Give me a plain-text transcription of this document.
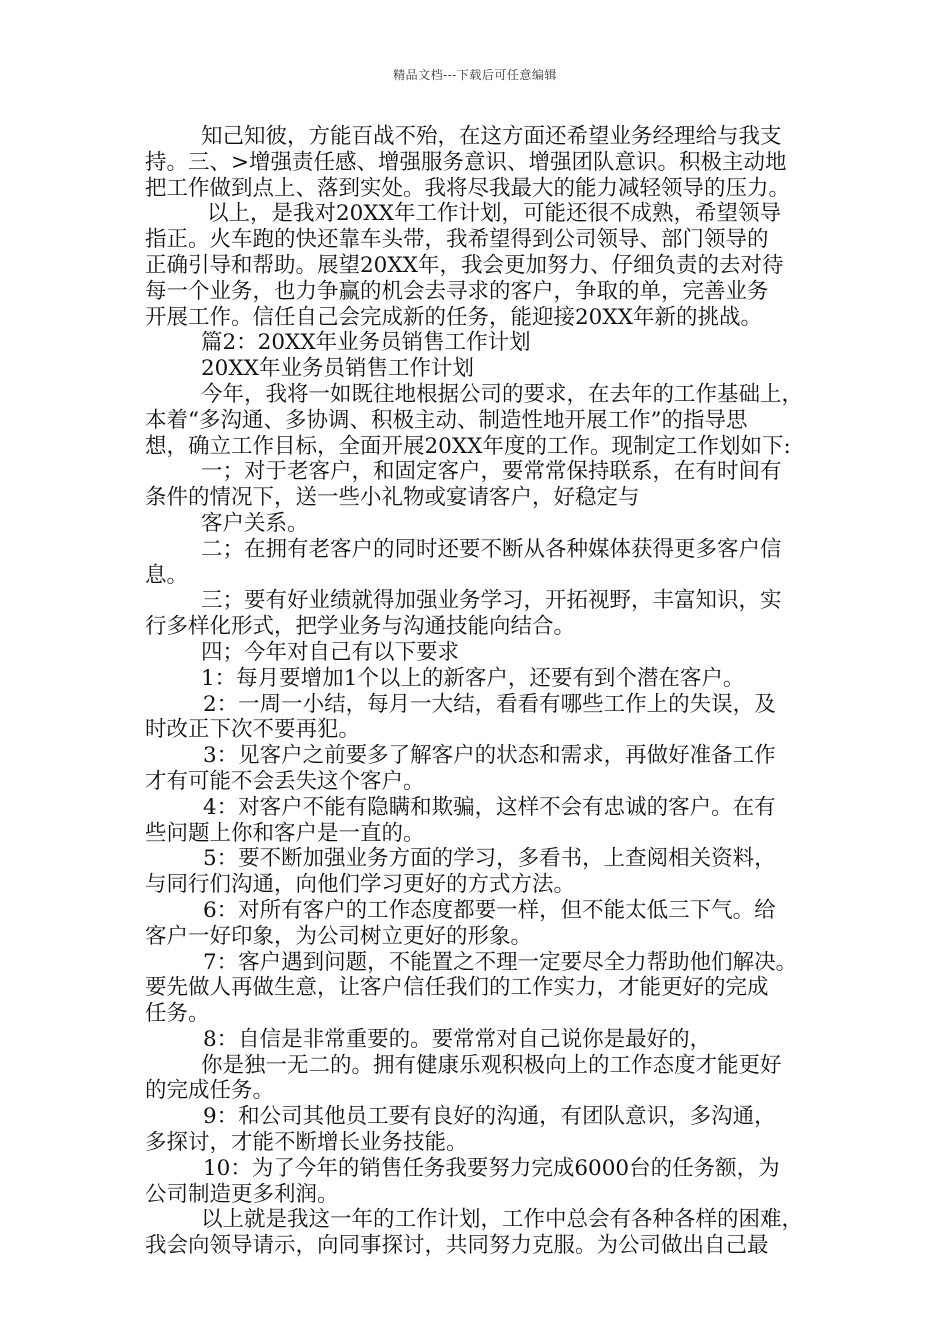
精品文档---下载后可任意编辑
知己知彼，方能百战不殆，在这方面还希望业务经理给与我支
持。三、>增强责任感、增强服务意识、增强团队意识。积极主动地
把工作做到点上、落到实处。我将尽我最大的能力减轻领导的压力。
以上，是我对20XX年工作计划，可能还很不成熟，希望领导
指正。火车跑的快还靠车头带，我希望得到公司领导、部门领导的
正确引导和帮助。展望20XX年，我会更加努力、仔细负责的去对待
每一个业务，也力争赢的机会去寻求的客户，争取的单，完善业务
开展工作。信任自己会完成新的任务，能迎接20XX年新的挑战。
篇2：20XX年业务员销售工作计划
20XX年业务员销售工作计划
今年，我将一如既往地根据公司的要求，在去年的工作基础上，
本着“多沟通、多协调、积极主动、制造性地开展工作”的指导思
想，确立工作目标，全面开展20XX年度的工作。现制定工作划如下:
一；对于老客户，和固定客户，要常常保持联系，在有时间有
条件的情况下，送一些小礼物或宴请客户，好稳定与
客户关系。
二；在拥有老客户的同时还要不断从各种媒体获得更多客户信
息。
三；要有好业绩就得加强业务学习，开拓视野，丰富知识，实
行多样化形式，把学业务与沟通技能向结合。
四；今年对自己有以下要求
1：每月要增加1个以上的新客户，还要有到个潜在客户。
2：一周一小结，每月一大结，看看有哪些工作上的失误，及
时改正下次不要再犯。
3：见客户之前要多了解客户的状态和需求，再做好准备工作
才有可能不会丢失这个客户。
4：对客户不能有隐瞒和欺骗，这样不会有忠诚的客户。在有
些问题上你和客户是一直的。
5：要不断加强业务方面的学习，多看书，上查阅相关资料，
与同行们沟通，向他们学习更好的方式方法。
6：对所有客户的工作态度都要一样，但不能太低三下气。给
客户一好印象，为公司树立更好的形象。
7：客户遇到问题，不能置之不理一定要尽全力帮助他们解决。
要先做人再做生意，让客户信任我们的工作实力，才能更好的完成
任务。
8：自信是非常重要的。要常常对自己说你是最好的，
你是独一无二的。拥有健康乐观积极向上的工作态度才能更好
的完成任务。
9：和公司其他员工要有良好的沟通，有团队意识，多沟通，
多探讨，才能不断增长业务技能。
10：为了今年的销售任务我要努力完成6000台的任务额，为
公司制造更多利润。
以上就是我这一年的工作计划，工作中总会有各种各样的困难，
我会向领导请示，向同事探讨，共同努力克服。为公司做出自己最
